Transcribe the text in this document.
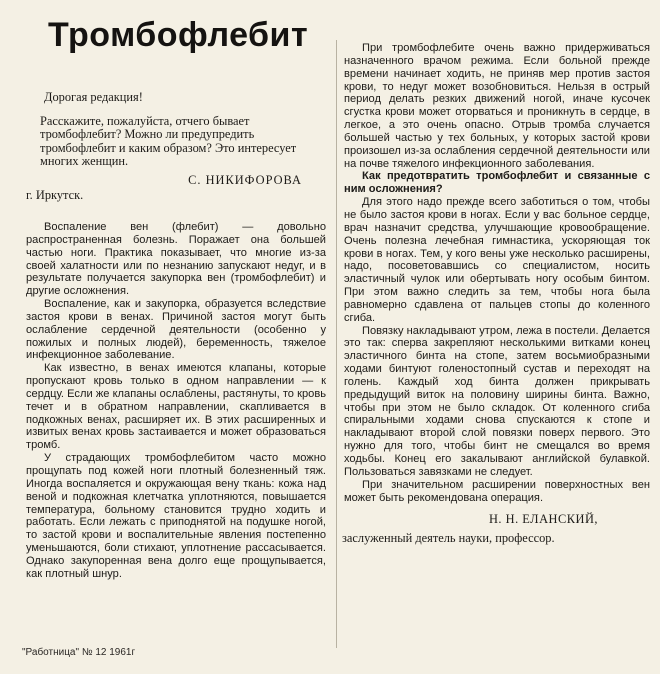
Тромбофлебит
Дорогая редакция!
Расскажите, пожалуйста, отчего бывает тромбофлебит? Можно ли предупредить тромбофлебит и каким образом? Это интересует многих женщин.
С. НИКИФОРОВА
г. Иркутск.

Воспаление вен (флебит) — довольно распространенная болезнь. Поражает она большей частью ноги. Практика показывает, что многие из-за своей халатности или по незнанию запускают недуг, и в результате получается закупорка вен (тромбофлебит) и другие осложнения.

Воспаление, как и закупорка, образуется вследствие застоя крови в венах. Причиной застоя могут быть ослабление сердечной деятельности (особенно у пожилых и полных людей), беременность, тяжелое инфекционное заболевание.

Как известно, в венах имеются клапаны, которые пропускают кровь только в одном направлении — к сердцу. Если же клапаны ослаблены, растянуты, то кровь течет и в обратном направлении, скапливается в подкожных венах, расширяет их. В этих расширенных и извитых венах кровь застаивается и может образоваться тромб.

У страдающих тромбофлебитом часто можно прощупать под кожей ноги плотный болезненный тяж. Иногда воспаляется и окружающая вену ткань: кожа над веной и подкожная клетчатка уплотняются, повышается температура, больному становится трудно ходить и работать. Если лежать с приподнятой на подушке ногой, то застой крови и воспалительные явления постепенно уменьшаются, боли стихают, уплотнение рассасывается. Однако закупоренная вена долго еще прощупывается, как плотный шнур.

При тромбофлебите очень важно придерживаться назначенного врачом режима. Если больной прежде времени начинает ходить, не приняв мер против застоя крови, то недуг может возобновиться. Нельзя в острый период делать резких движений ногой, иначе кусочек сгустка крови может оторваться и проникнуть в сердце, в легкое, а это очень опасно. Отрыв тромба случается большей частью у тех больных, у которых застой крови произошел из-за ослабления сердечной деятельности или на почве тяжелого инфекционного заболевания.

Как предотвратить тромбофлебит и связанные с ним осложнения?

Для этого надо прежде всего заботиться о том, чтобы не было застоя крови в ногах. Если у вас больное сердце, врач назначит средства, улучшающие кровообращение. Очень полезна лечебная гимнастика, ускоряющая ток крови в ногах. Тем, у кого вены уже несколько расширены, надо, посоветовавшись со специалистом, носить эластичный чулок или обертывать ногу особым бинтом. При этом важно следить за тем, чтобы нога была равномерно сдавлена от пальцев стопы до коленного сгиба.

Повязку накладывают утром, лежа в постели. Делается это так: сперва закрепляют несколькими витками конец эластичного бинта на стопе, затем восьмиобразными ходами бинтуют голеностопный сустав и переходят на голень. Каждый ход бинта должен прикрывать предыдущий виток на половину ширины бинта. Важно, чтобы при этом не было складок. От коленного сгиба спиральными ходами снова спускаются к стопе и накладывают второй слой повязки поверх первого. Это нужно для того, чтобы бинт не смещался во время ходьбы. Конец его закалывают английской булавкой. Пользоваться завязками не следует.

При значительном расширении поверхностных вен может быть рекомендована операция.

Н. Н. ЕЛАНСКИЙ,
заслуженный деятель науки, профессор.
"Работница" № 12 1961г
